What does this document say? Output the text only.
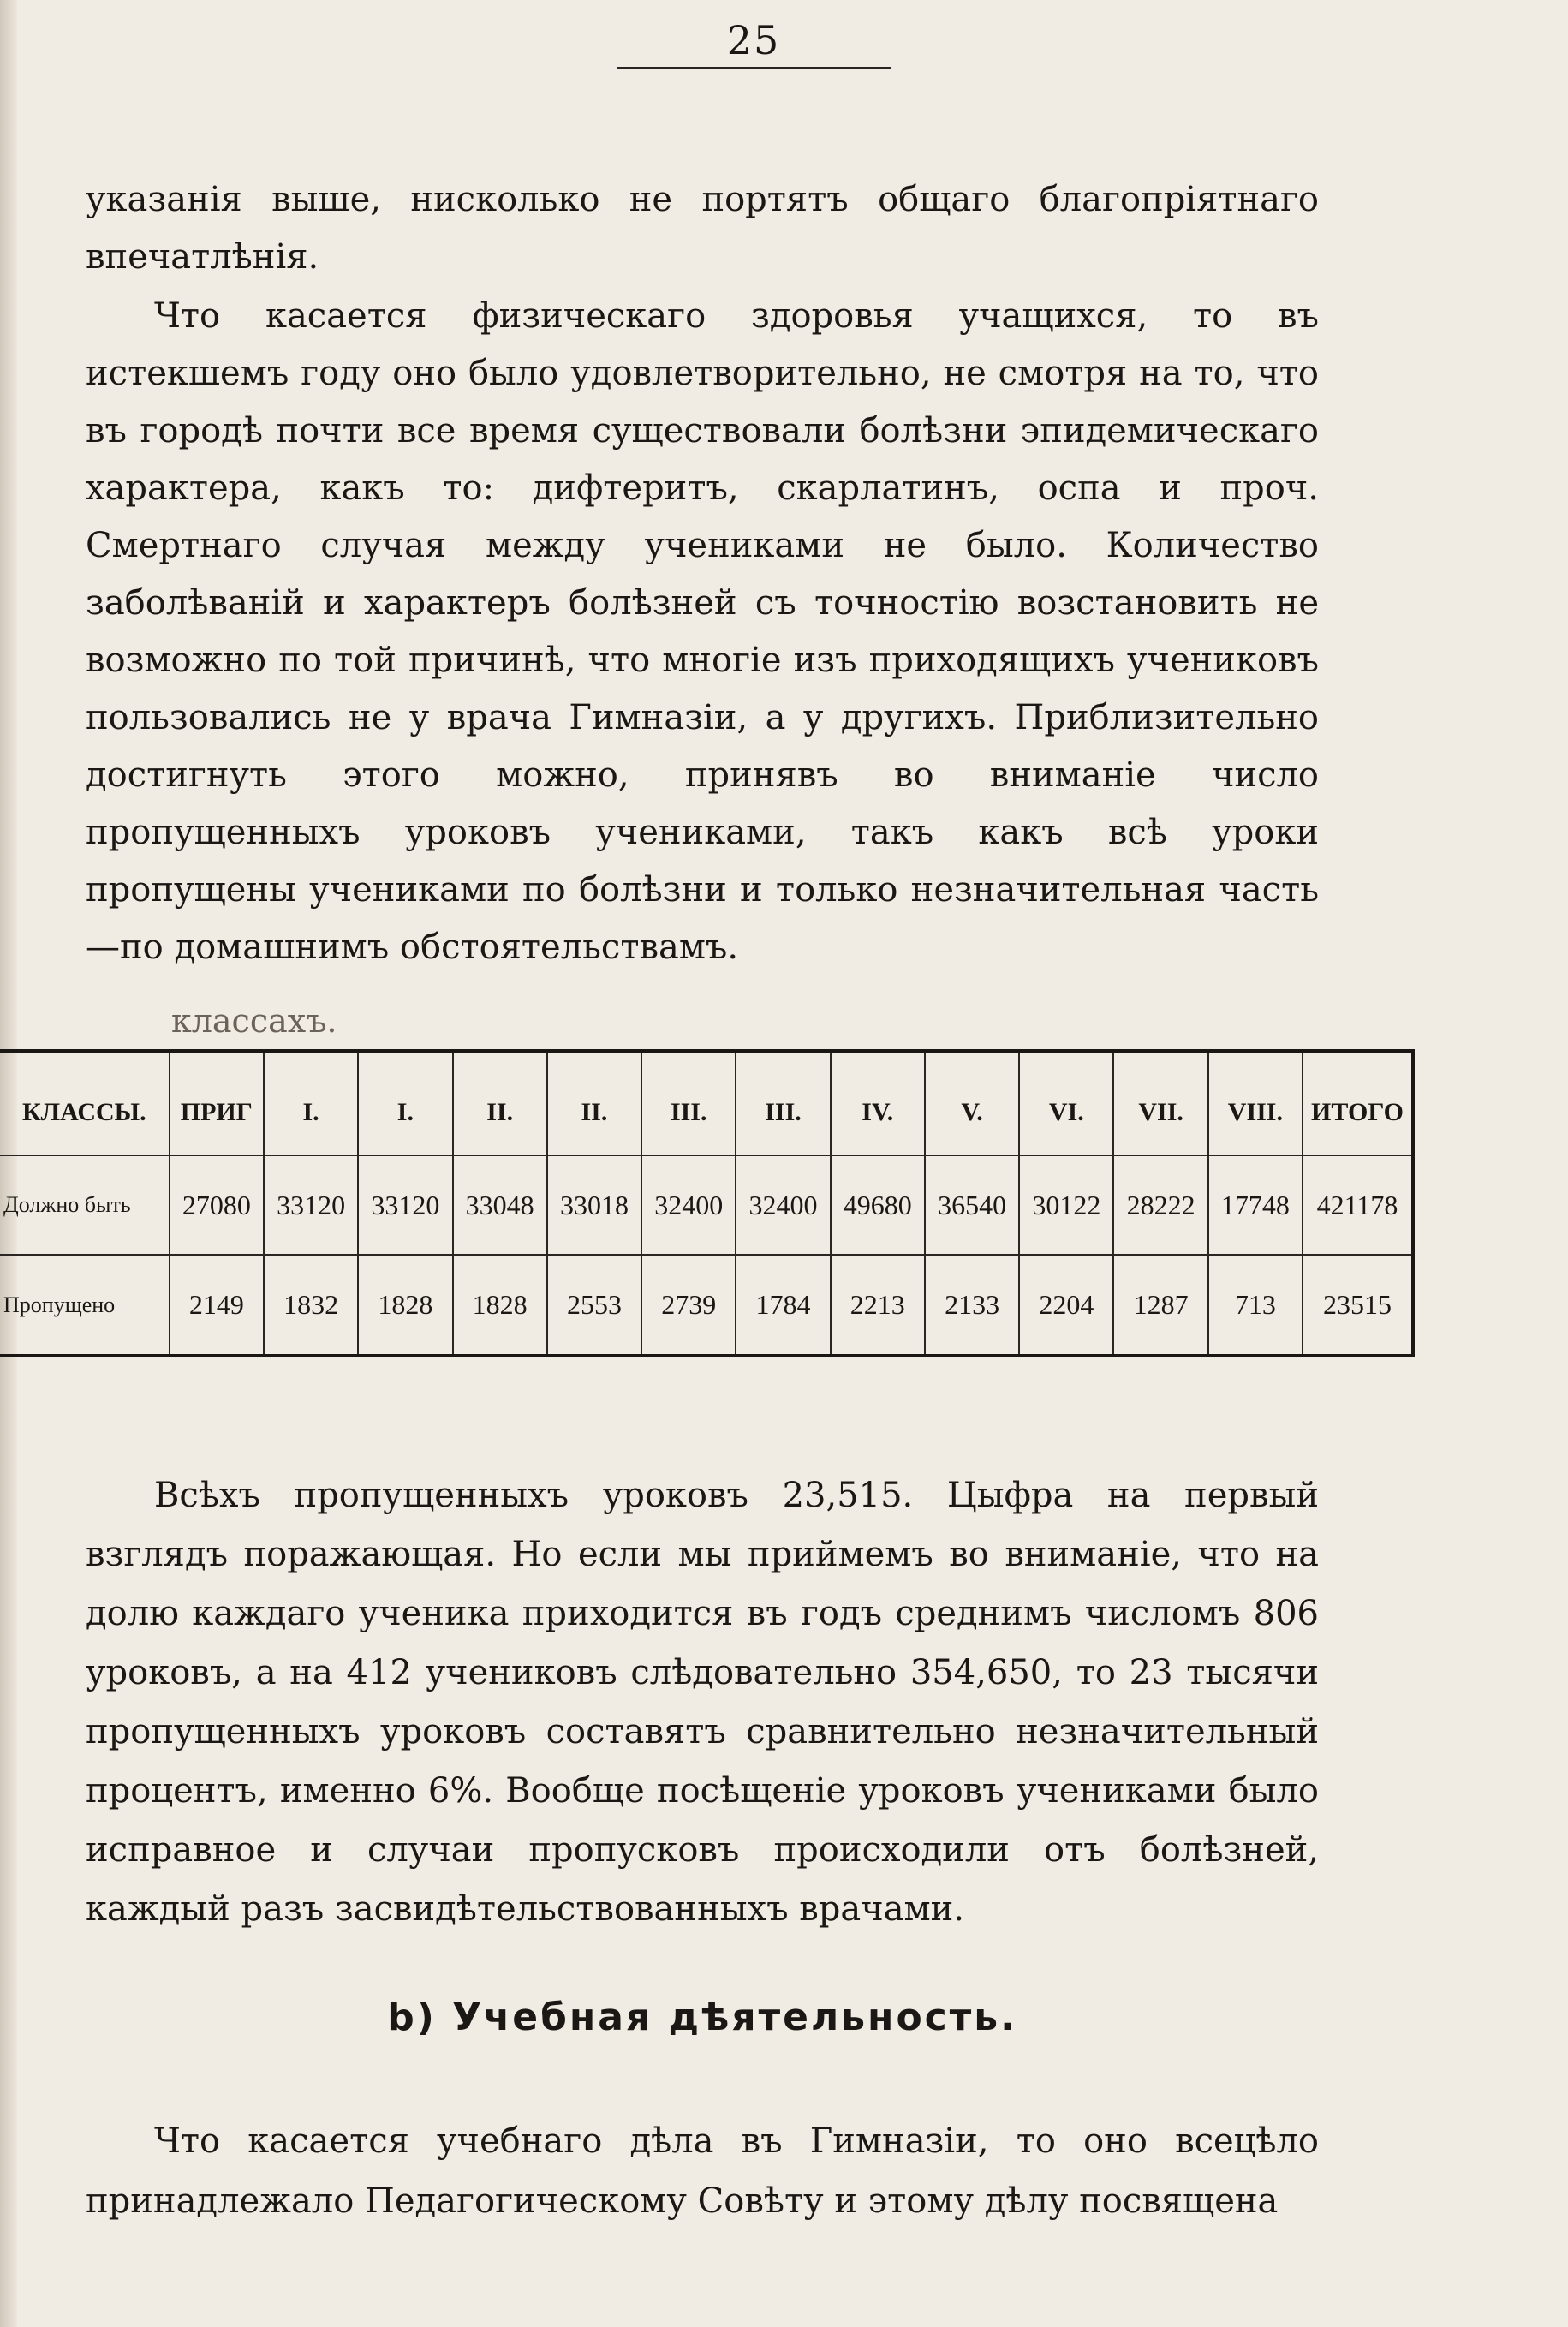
25

указанія выше, нисколько не портятъ общаго благопріятнаго впечатлѣнія.

Что касается физическаго здоровья учащихся, то въ истекшемъ году оно было удовлетворительно, не смотря на то, что въ городѣ почти все время существовали болѣзни эпидемическаго характера, какъ то: дифтеритъ, скарлатинъ, оспа и проч. Смертнаго случая между учениками не было. Количество заболѣваній и характеръ болѣзней съ точностію возстановить не возможно по той причинѣ, что многіе изъ приходящихъ учениковъ пользовались не у врача Гимназіи, а у другихъ. Приблизительно достигнуть этого можно, принявъ во вниманіе число пропущенныхъ уроковъ учениками, такъ какъ всѣ уроки пропущены учениками по болѣзни и только незначительная часть—по домашнимъ обстоятельствамъ.

классахъ.
КЛАССЫ.	ПРИГ	I.	I.	II.	II.	III.	III.	IV.	V.	VI.	VII.	VIII.	ИТОГО
Должно быть	27080	33120	33120	33048	33018	32400	32400	49680	36540	30122	28222	17748	421178
Пропущено	2149	1832	1828	1828	2553	2739	1784	2213	2133	2204	1287	713	23515

Всѣхъ пропущенныхъ уроковъ 23,515. Цыфра на первый взглядъ поражающая. Но если мы приймемъ во вниманіе, что на долю каждаго ученика приходится въ годъ среднимъ числомъ 806 уроковъ, а на 412 учениковъ слѣдовательно 354,650, то 23 тысячи пропущенныхъ уроковъ составятъ сравнительно незначительный процентъ, именно 6%. Вообще посѣщеніе уроковъ учениками было исправное и случаи пропусковъ происходили отъ болѣзней, каждый разъ засвидѣтельствованныхъ врачами.

b) Учебная дѣятельность.

Что касается учебнаго дѣла въ Гимназіи, то оно всецѣло принадлежало Педагогическому Совѣту и этому дѣлу посвящена
